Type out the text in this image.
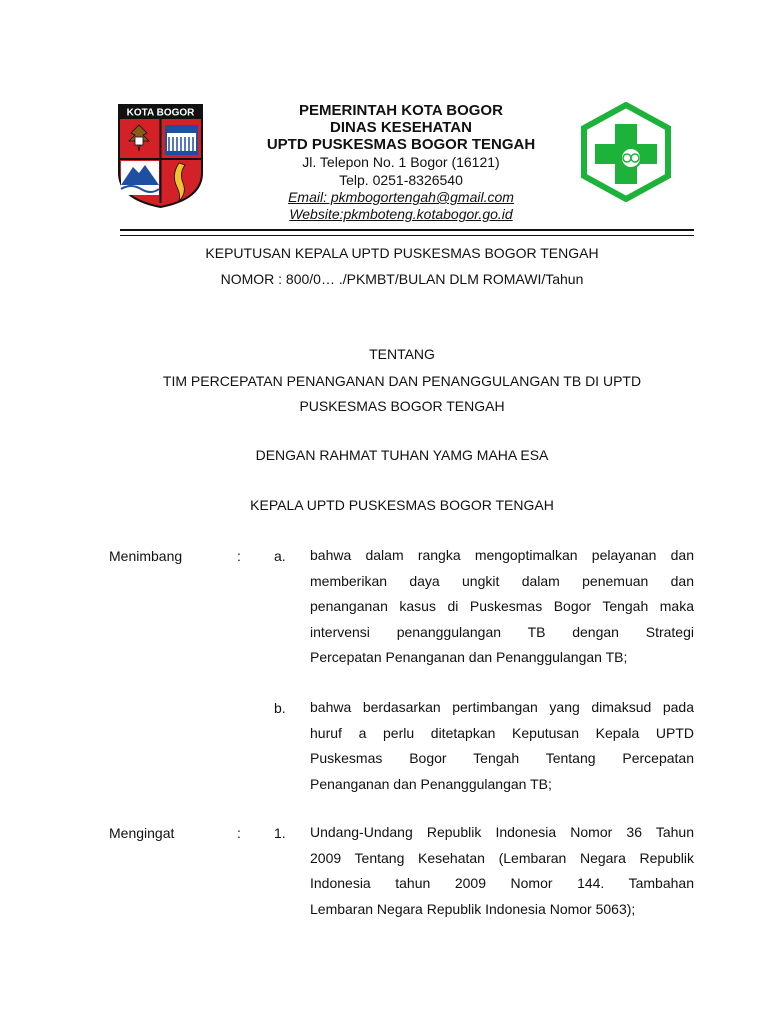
KOTA BOGOR	PEMERINTAH KOTA BOGOR
DINAS KESEHATAN
UPTD PUSKESMAS BOGOR TENGAH
Jl. Telepon No. 1 Bogor (16121)
Telp. 0251-8326540
Email: pkmbogortengah@gmail.com
Website:pkmboteng.kotabogor.go.id
KEPUTUSAN KEPALA UPTD PUSKESMAS BOGOR TENGAH
NOMOR : 800/0… ./PKMBT/BULAN DLM ROMAWI/Tahun
TENTANG
TIM PERCEPATAN PENANGANAN DAN PENANGGULANGAN TB DI UPTD
PUSKESMAS BOGOR TENGAH
DENGAN RAHMAT TUHAN YAMG MAHA ESA
KEPALA UPTD PUSKESMAS BOGOR TENGAH
Menimbang	: a. bahwa dalam rangka mengoptimalkan pelayanan dan
memberikan daya ungkit dalam penemuan dan
penanganan kasus di Puskesmas Bogor Tengah maka
intervensi penanggulangan TB dengan Strategi
Percepatan Penanganan dan Penanggulangan TB;
b. bahwa berdasarkan pertimbangan yang dimaksud pada
huruf a perlu ditetapkan Keputusan Kepala UPTD
Puskesmas Bogor Tengah Tentang Percepatan
Penanganan dan Penanggulangan TB;
Mengingat	: 1. Undang-Undang Republik Indonesia Nomor 36 Tahun
2009 Tentang Kesehatan (Lembaran Negara Republik
Indonesia tahun 2009 Nomor 144. Tambahan
Lembaran Negara Republik Indonesia Nomor 5063);
